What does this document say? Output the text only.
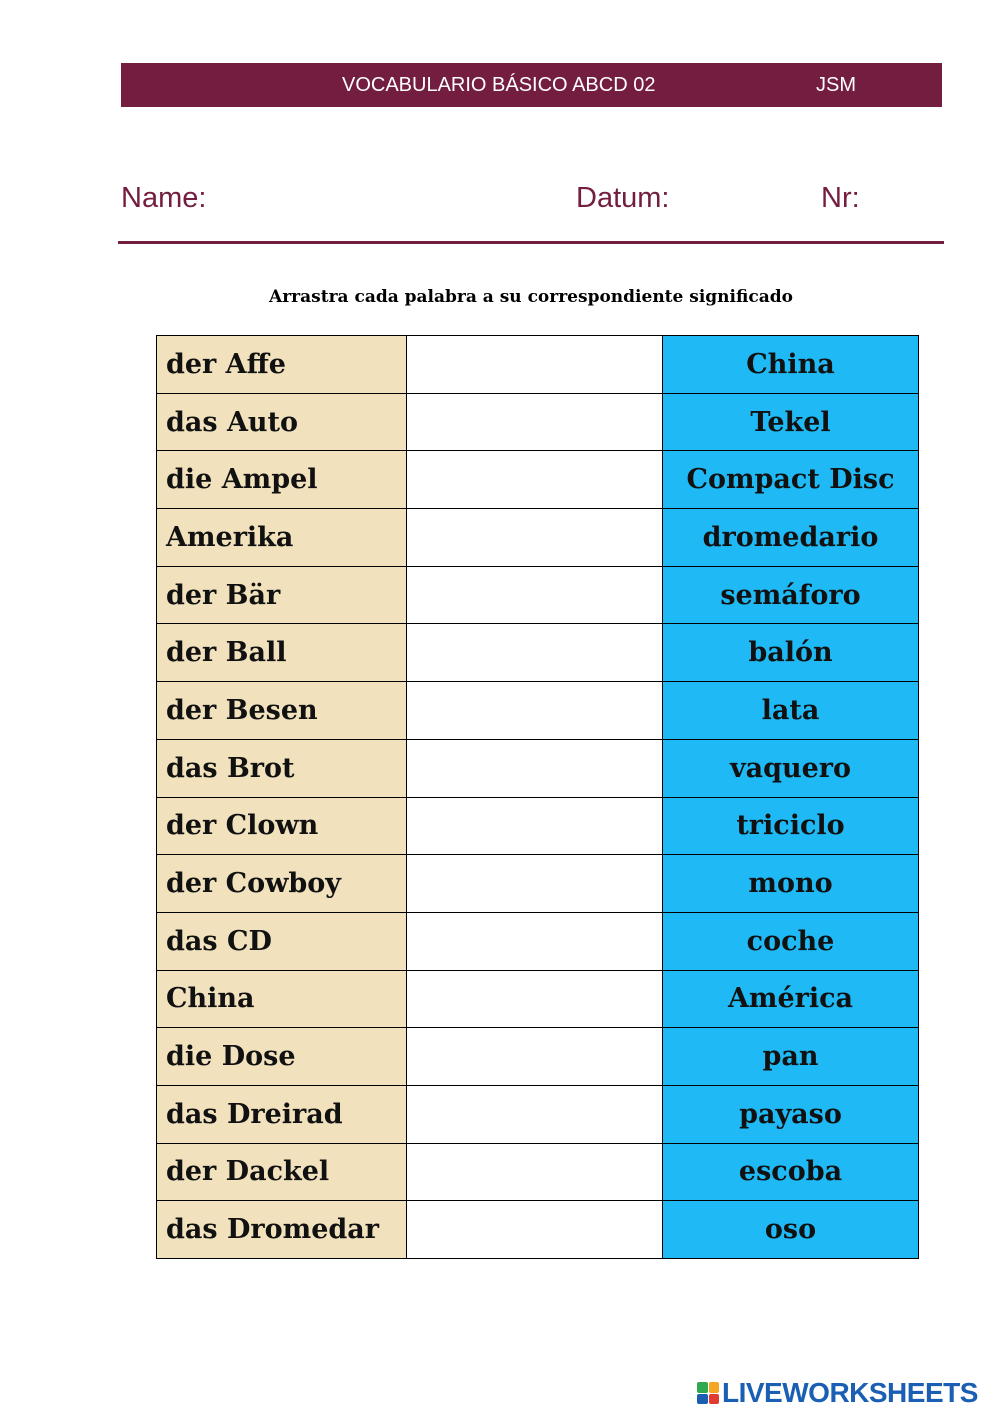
VOCABULARIO BÁSICO ABCD 02	JSM
Name:	Datum:	Nr:
Arrastra cada palabra a su correspondiente significado
der Affe		China
das Auto		Tekel
die Ampel		Compact Disc
Amerika		dromedario
der Bär		semáforo
der Ball		balón
der Besen		lata
das Brot		vaquero
der Clown		triciclo
der Cowboy		mono
das CD		coche
China		América
die Dose		pan
das Dreirad		payaso
der Dackel		escoba
das Dromedar		oso
LIVEWORKSHEETS
